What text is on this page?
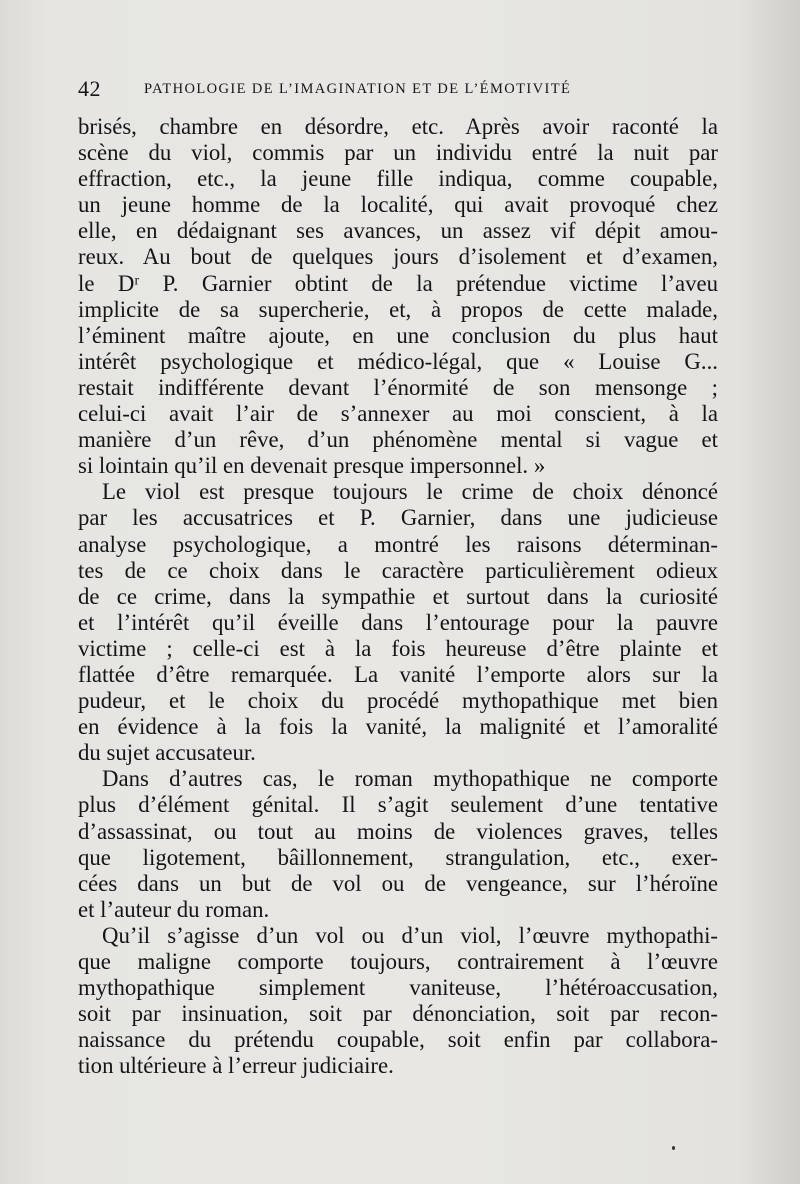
42	PATHOLOGIE DE L’IMAGINATION ET DE L’ÉMOTIVITÉ

brisés, chambre en désordre, etc. Après avoir raconté la
scène du viol, commis par un individu entré la nuit par
effraction, etc., la jeune fille indiqua, comme coupable,
un jeune homme de la localité, qui avait provoqué chez
elle, en dédaignant ses avances, un assez vif dépit amou-
reux. Au bout de quelques jours d’isolement et d’examen,
le Dʳ P. Garnier obtint de la prétendue victime l’aveu
implicite de sa supercherie, et, à propos de cette malade,
l’éminent maître ajoute, en une conclusion du plus haut
intérêt psychologique et médico-légal, que « Louise G...
restait indifférente devant l’énormité de son mensonge ;
celui-ci avait l’air de s’annexer au moi conscient, à la
manière d’un rêve, d’un phénomène mental si vague et
si lointain qu’il en devenait presque impersonnel. »

Le viol est presque toujours le crime de choix dénoncé
par les accusatrices et P. Garnier, dans une judicieuse
analyse psychologique, a montré les raisons déterminan-
tes de ce choix dans le caractère particulièrement odieux
de ce crime, dans la sympathie et surtout dans la curiosité
et l’intérêt qu’il éveille dans l’entourage pour la pauvre
victime ; celle-ci est à la fois heureuse d’être plainte et
flattée d’être remarquée. La vanité l’emporte alors sur la
pudeur, et le choix du procédé mythopathique met bien
en évidence à la fois la vanité, la malignité et l’amoralité
du sujet accusateur.

Dans d’autres cas, le roman mythopathique ne comporte
plus d’élément génital. Il s’agit seulement d’une tentative
d’assassinat, ou tout au moins de violences graves, telles
que ligotement, bâillonnement, strangulation, etc., exer-
cées dans un but de vol ou de vengeance, sur l’héroïne
et l’auteur du roman.

Qu’il s’agisse d’un vol ou d’un viol, l’œuvre mythopathi-
que maligne comporte toujours, contrairement à l’œuvre
mythopathique simplement vaniteuse, l’hétéroaccusation,
soit par insinuation, soit par dénonciation, soit par recon-
naissance du prétendu coupable, soit enfin par collabora-
tion ultérieure à l’erreur judiciaire.
